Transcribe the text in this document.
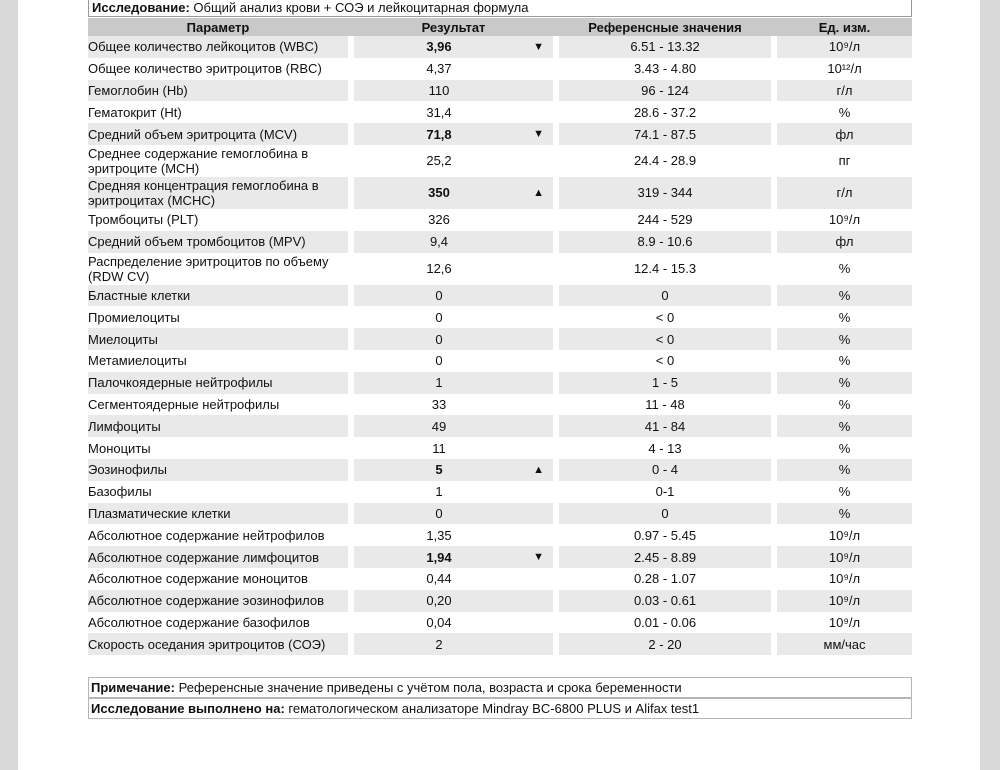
Исследование: Общий анализ крови + СОЭ и лейкоцитарная формула
Параметр		Результат			Референсные значения		Ед. изм.
Общее количество лейкоцитов (WBC)		3,96	▼		6.51 - 13.32		10⁹/л
Общее количество эритроцитов (RBC)		4,37			3.43 - 4.80		10¹²/л
Гемоглобин (Hb)		110			96 - 124		г/л
Гематокрит (Ht)		31,4			28.6 - 37.2		%
Средний объем эритроцита (MCV)		71,8	▼		74.1 - 87.5		фл
Среднее содержание гемоглобина в эритроците (MCH)		25,2			24.4 - 28.9		пг
Средняя концентрация гемоглобина в эритроцитах (MCHC)		350	▲		319 - 344		г/л
Тромбоциты (PLT)		326			244 - 529		10⁹/л
Средний объем тромбоцитов (MPV)		9,4			8.9 - 10.6		фл
Распределение эритроцитов по объему (RDW CV)		12,6			12.4 - 15.3		%
Бластные клетки		0			0		%
Промиелоциты		0			< 0		%
Миелоциты		0			< 0		%
Метамиелоциты		0			< 0		%
Палочкоядерные нейтрофилы		1			1 - 5		%
Сегментоядерные нейтрофилы		33			11 - 48		%
Лимфоциты		49			41 - 84		%
Моноциты		11			4 - 13		%
Эозинофилы		5	▲		0 - 4		%
Базофилы		1			0-1		%
Плазматические клетки		0			0		%
Абсолютное содержание нейтрофилов		1,35			0.97 - 5.45		10⁹/л
Абсолютное содержание лимфоцитов		1,94	▼		2.45 - 8.89		10⁹/л
Абсолютное содержание моноцитов		0,44			0.28 - 1.07		10⁹/л
Абсолютное содержание эозинофилов		0,20			0.03 - 0.61		10⁹/л
Абсолютное содержание базофилов		0,04			0.01 - 0.06		10⁹/л
Скорость оседания эритроцитов (СОЭ)		2			2 - 20		мм/час
Примечание: Референсные значение приведены с учётом пола, возраста и срока беременности
Исследование выполнено на: гематологическом анализаторе Mindray BC-6800 PLUS и Alifax test1
